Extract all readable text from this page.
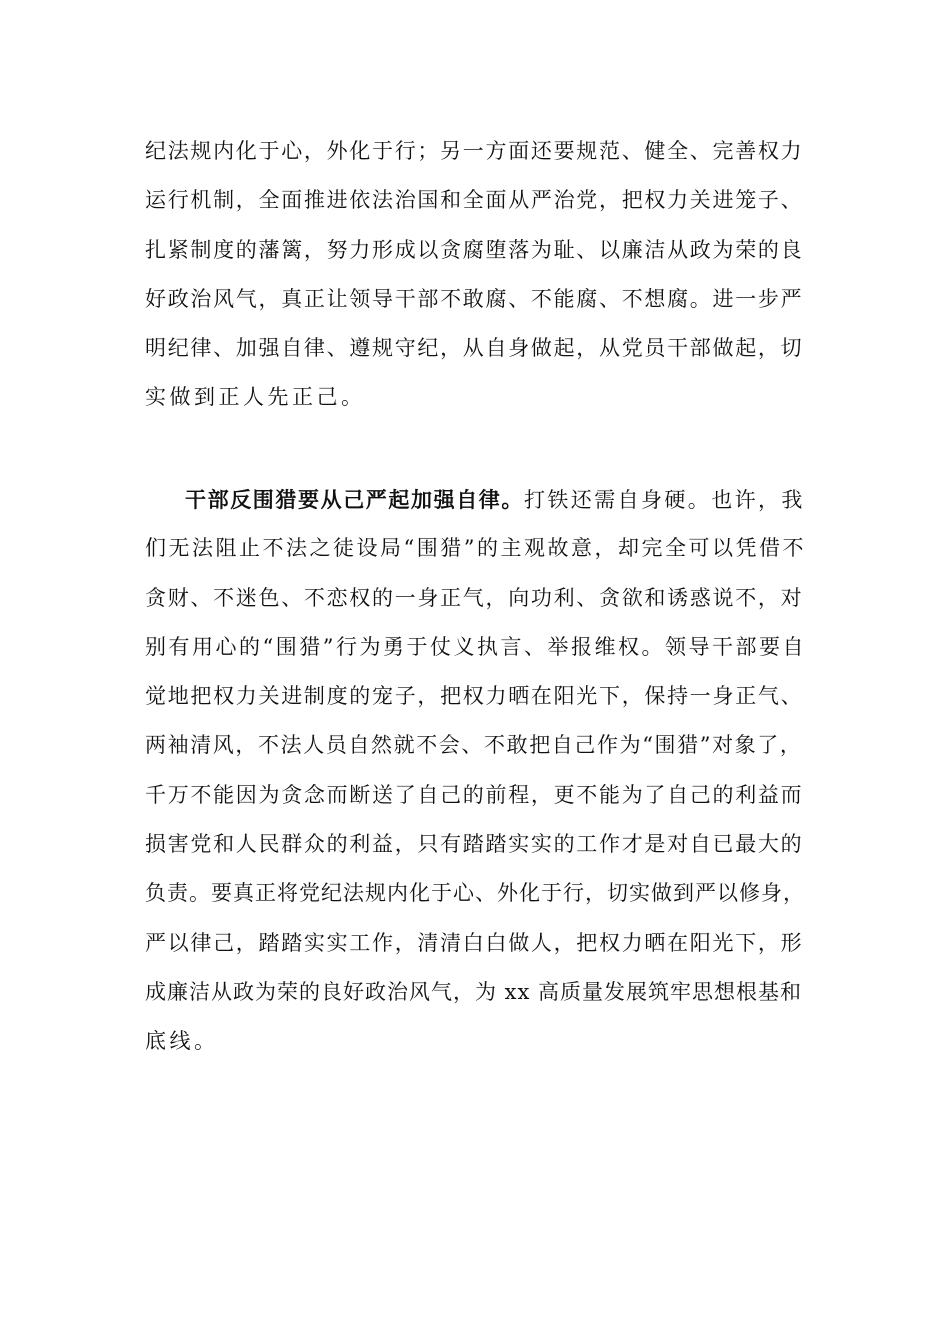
纪法规内化于心，外化于行；另一方面还要规范、健全、完善权力
运行机制，全面推进依法治国和全面从严治党，把权力关进笼子、
扎紧制度的藩篱，努力形成以贪腐堕落为耻、以廉洁从政为荣的良
好政治风气，真正让领导干部不敢腐、不能腐、不想腐。进一步严
明纪律、加强自律、遵规守纪，从自身做起，从党员干部做起，切
实做到正人先正己。
干部反围猎要从己严起加强自律。打铁还需自身硬。也许，我
们无法阻止不法之徒设局“围猎”的主观故意，却完全可以凭借不
贪财、不迷色、不恋权的一身正气，向功利、贪欲和诱惑说不，对
别有用心的“围猎”行为勇于仗义执言、举报维权。领导干部要自
觉地把权力关进制度的宠子，把权力晒在阳光下，保持一身正气、
两袖清风，不法人员自然就不会、不敢把自己作为“围猎”对象了，
千万不能因为贪念而断送了自己的前程，更不能为了自己的利益而
损害党和人民群众的利益，只有踏踏实实的工作才是对自已最大的
负责。要真正将党纪法规内化于心、外化于行，切实做到严以修身，
严以律己，踏踏实实工作，清清白白做人，把权力晒在阳光下，形
成廉洁从政为荣的良好政治风气，为 xx 高质量发展筑牢思想根基和
底线。
